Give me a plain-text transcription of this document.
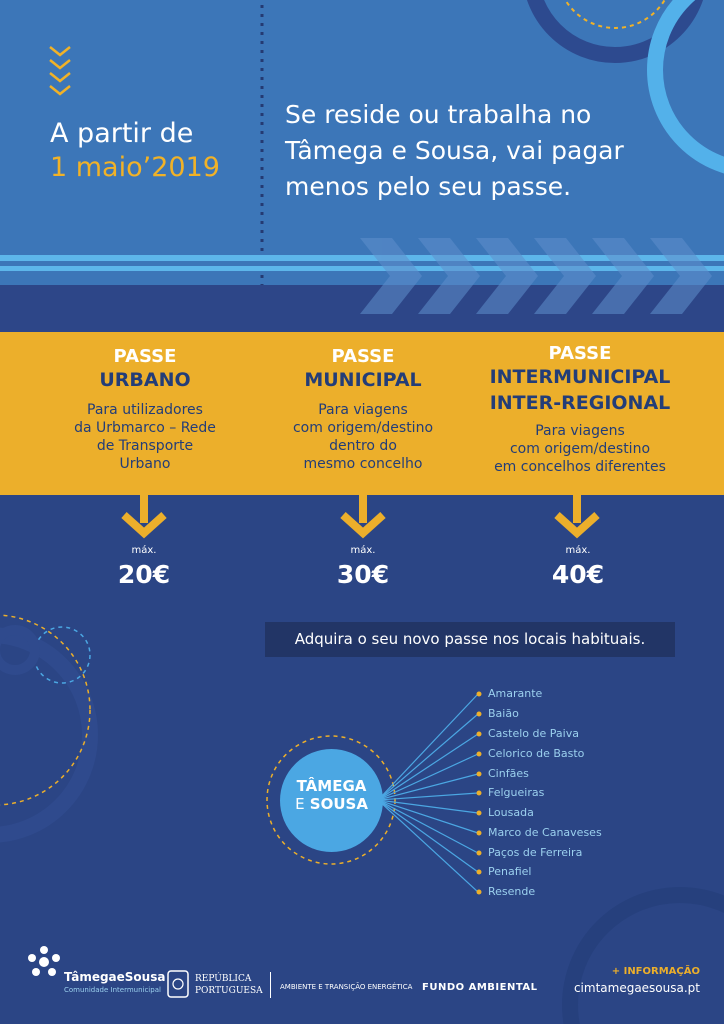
A partir de
1 maio’2019
Se reside ou trabalha no
Tâmega e Sousa, vai pagar
menos pelo seu passe.
PASSE
URBANO
Para utilizadores
da Urbmarco – Rede
de Transporte
Urbano
PASSE
MUNICIPAL
Para viagens
com origem/destino
dentro do
mesmo concelho
PASSE
INTERMUNICIPAL
INTER-REGIONAL
Para viagens
com origem/destino
em concelhos diferentes
máx.
20€
máx.
30€
máx.
40€
Adquira o seu novo passe nos locais habituais.
TÂMEGA
E SOUSA
Amarante
Baião
Castelo de Paiva
Celorico de Basto
Cinfães
Felgueiras
Lousada
Marco de Canaveses
Paços de Ferreira
Penafiel
Resende
TâmegaeSousa
Comunidade Intermunicipal
REPÚBLICA
PORTUGUESA AMBIENTE E TRANSIÇÃO ENERGÉTICA FUNDO AMBIENTAL
+ INFORMAÇÃO
cimtamegaesousa.pt
